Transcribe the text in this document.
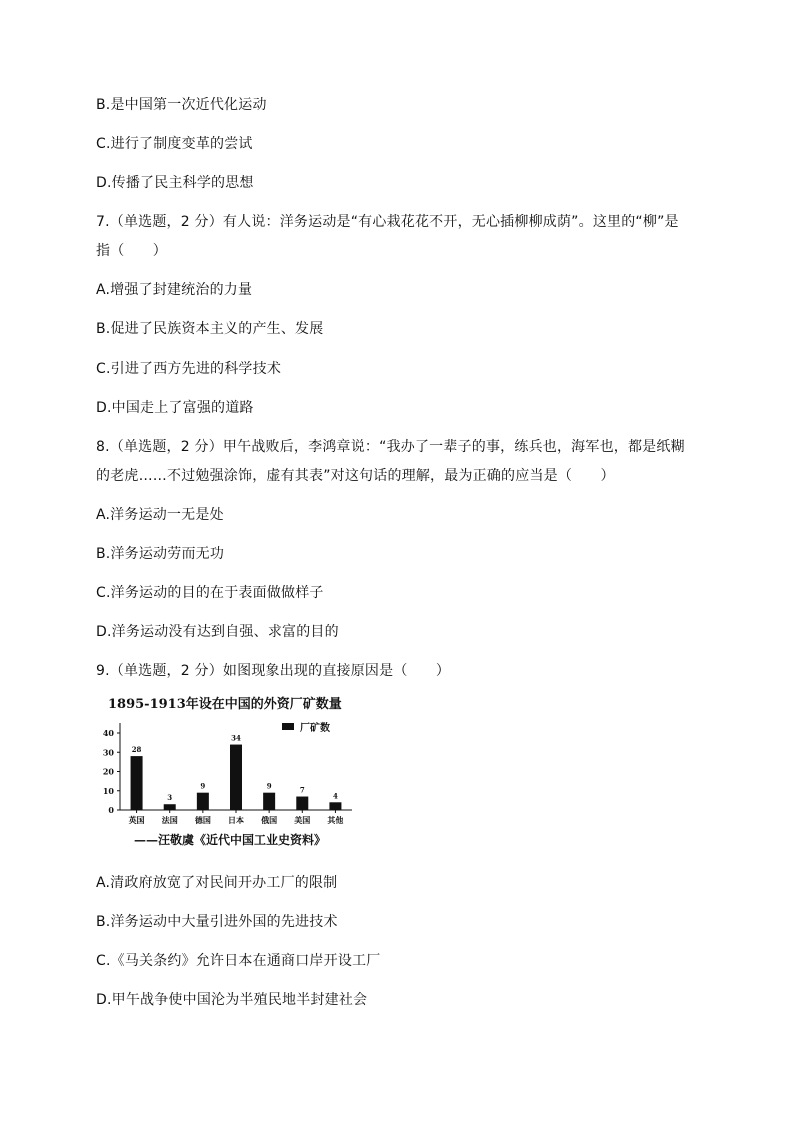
B.是中国第一次近代化运动
C.进行了制度变革的尝试
D.传播了民主科学的思想
7.（单选题，2 分）有人说：洋务运动是“有心栽花花不开，无心插柳柳成荫”。这里的“柳”是
指（　　）
A.增强了封建统治的力量
B.促进了民族资本主义的产生、发展
C.引进了西方先进的科学技术
D.中国走上了富强的道路
8.（单选题，2 分）甲午战败后，李鸿章说：“我办了一辈子的事，练兵也，海军也，都是纸糊
的老虎……不过勉强涂饰，虚有其表”对这句话的理解，最为正确的应当是（　　）
A.洋务运动一无是处
B.洋务运动劳而无功
C.洋务运动的目的在于表面做做样子
D.洋务运动没有达到自强、求富的目的
9.（单选题，2 分）如图现象出现的直接原因是（　　）
1895-1913年设在中国的外资厂矿数量
0
10
20
30
40
28
3
9
34
9	7
4
英国 法国 德国 日本 俄国 美国 其他
厂矿数
——汪敬虞《近代中国工业史资料》
A.清政府放宽了对民间开办工厂的限制
B.洋务运动中大量引进外国的先进技术
C.《马关条约》允许日本在通商口岸开设工厂
D.甲午战争使中国沦为半殖民地半封建社会
